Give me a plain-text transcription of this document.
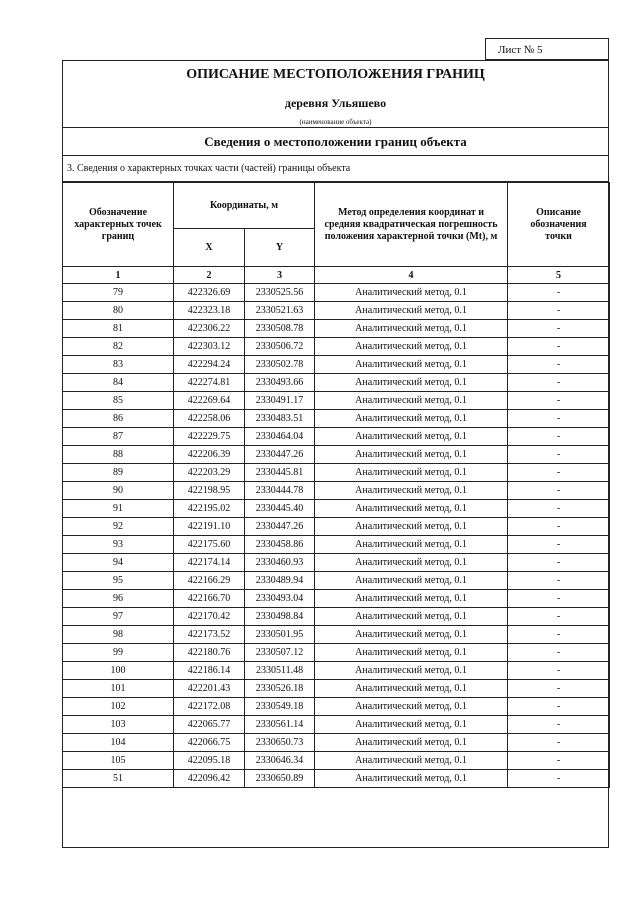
Лист № 5
ОПИСАНИЕ МЕСТОПОЛОЖЕНИЯ ГРАНИЦ
деревня Ульяшево
(наименование объекта)
Сведения о местоположении границ объекта
3. Сведения о характерных точках части (частей) границы объекта
Обозначение характерных точек границ	Координаты, м		Метод определения координат и средняя квадратическая погрешность положения характерной точки (Mt), м	Описание обозначения точки
	X	Y		
1	2	3	4	5
79	422326.69	2330525.56	Аналитический метод, 0.1	-
80	422323.18	2330521.63	Аналитический метод, 0.1	-
81	422306.22	2330508.78	Аналитический метод, 0.1	-
82	422303.12	2330506.72	Аналитический метод, 0.1	-
83	422294.24	2330502.78	Аналитический метод, 0.1	-
84	422274.81	2330493.66	Аналитический метод, 0.1	-
85	422269.64	2330491.17	Аналитический метод, 0.1	-
86	422258.06	2330483.51	Аналитический метод, 0.1	-
87	422229.75	2330464.04	Аналитический метод, 0.1	-
88	422206.39	2330447.26	Аналитический метод, 0.1	-
89	422203.29	2330445.81	Аналитический метод, 0.1	-
90	422198.95	2330444.78	Аналитический метод, 0.1	-
91	422195.02	2330445.40	Аналитический метод, 0.1	-
92	422191.10	2330447.26	Аналитический метод, 0.1	-
93	422175.60	2330458.86	Аналитический метод, 0.1	-
94	422174.14	2330460.93	Аналитический метод, 0.1	-
95	422166.29	2330489.94	Аналитический метод, 0.1	-
96	422166.70	2330493.04	Аналитический метод, 0.1	-
97	422170.42	2330498.84	Аналитический метод, 0.1	-
98	422173.52	2330501.95	Аналитический метод, 0.1	-
99	422180.76	2330507.12	Аналитический метод, 0.1	-
100	422186.14	2330511.48	Аналитический метод, 0.1	-
101	422201.43	2330526.18	Аналитический метод, 0.1	-
102	422172.08	2330549.18	Аналитический метод, 0.1	-
103	422065.77	2330561.14	Аналитический метод, 0.1	-
104	422066.75	2330650.73	Аналитический метод, 0.1	-
105	422095.18	2330646.34	Аналитический метод, 0.1	-
51	422096.42	2330650.89	Аналитический метод, 0.1	-
